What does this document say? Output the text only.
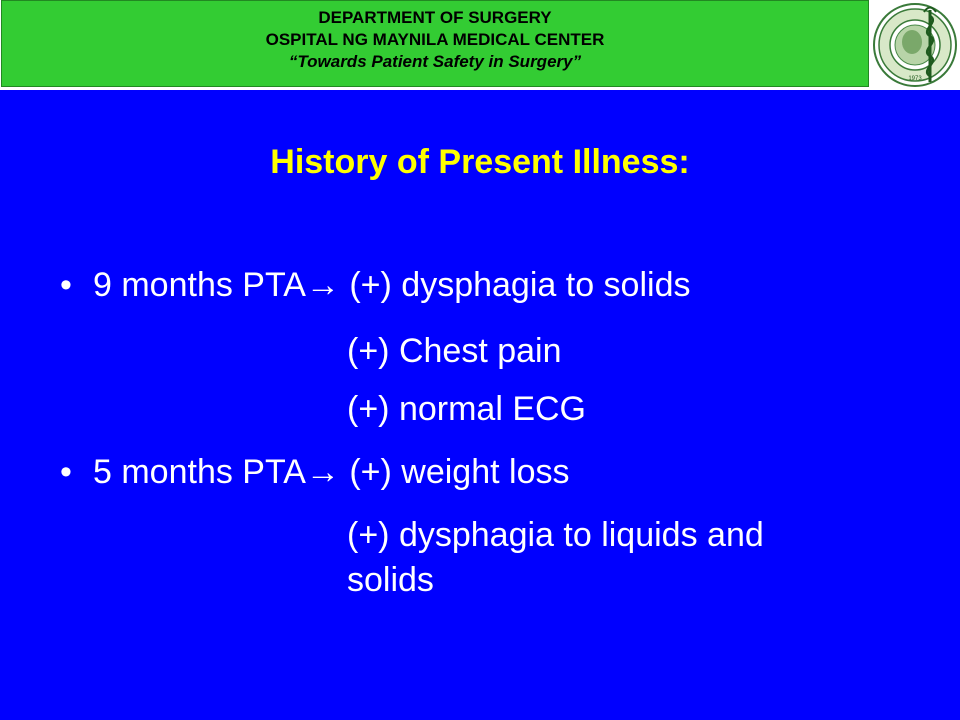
DEPARTMENT OF SURGERY
OSPITAL NG MAYNILA MEDICAL CENTER
“Towards Patient Safety in Surgery”
1973
History of Present Illness:
• 9 months PTA→ (+) dysphagia to solids
(+) Chest pain
(+) normal ECG
• 5 months PTA→ (+) weight loss
(+) dysphagia to liquids and
solids
